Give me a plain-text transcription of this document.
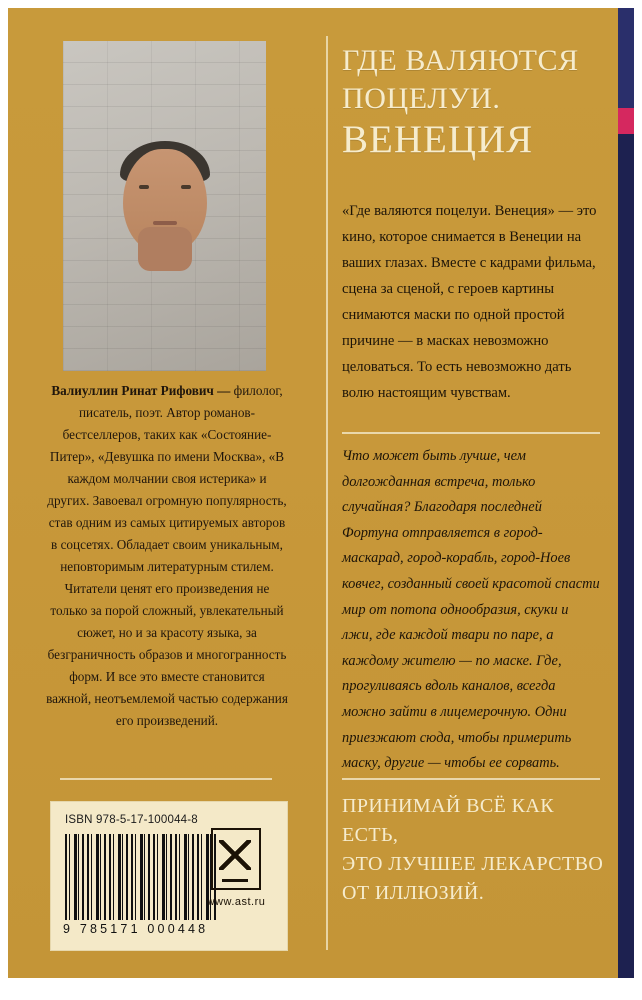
Валиуллин Ринат Рифович — филолог, писатель, поэт. Автор романов-бестселлеров, таких как «Состояние-Питер», «Девушка по имени Москва», «В каждом молчании своя истерика» и других. Завоевал огромную популярность, став одним из самых цитируемых авторов в соцсетях. Обладает своим уникальным, неповторимым литературным стилем. Читатели ценят его произведения не только за порой сложный, увлекательный сюжет, но и за красоту языка, за безграничность образов и многогранность форм. И все это вместе становится важной, неотъемлемой частью содержания его произведений.
ISBN 978-5-17-100044-8
9 785171 000448
www.ast.ru
ГДЕ ВАЛЯЮТСЯ
ПОЦЕЛУИ.
ВЕНЕЦИЯ
«Где валяются поцелуи. Венеция» — это кино, которое снимается в Венеции на ваших глазах. Вместе с кадрами фильма, сцена за сценой, с героев картины снимаются маски по одной простой причине — в масках невозможно целоваться. То есть невозможно дать волю настоящим чувствам.
Что может быть лучше, чем долгожданная встреча, только случайная? Благодаря последней Фортуна отправляется в город-маскарад, город-корабль, город-Ноев ковчег, созданный своей красотой спасти мир от потопа однообразия, скуки и лжи, где каждой твари по паре, а каждому жителю — по маске. Где, прогуливаясь вдоль каналов, всегда можно зайти в лицемерочную. Одни приезжают сюда, чтобы примерить маску, другие — чтобы ее сорвать.
ПРИНИМАЙ ВСЁ КАК ЕСТЬ,
ЭТО ЛУЧШЕЕ ЛЕКАРСТВО
ОТ ИЛЛЮЗИЙ.
